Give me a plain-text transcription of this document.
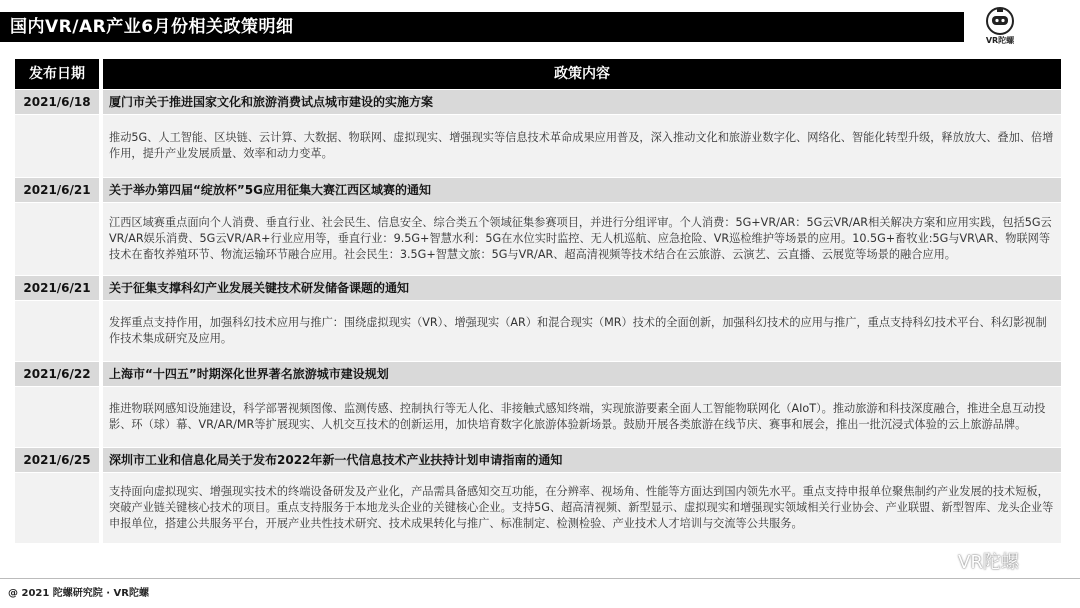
国内VR/AR产业6月份相关政策明细
VR陀螺
发布日期	政策内容
2021/6/18	厦门市关于推进国家文化和旅游消费试点城市建设的实施方案
推动5G、人工智能、区块链、云计算、大数据、物联网、虚拟现实、增强现实等信息技术革命成果应用普及，深入推动文化和旅游业数字化、网络化、智能化转型升级，释放放大、叠加、倍增作用，提升产业发展质量、效率和动力变革。
2021/6/21	关于举办第四届“绽放杯”5G应用征集大赛江西区域赛的通知
江西区域赛重点面向个人消费、垂直行业、社会民生、信息安全、综合类五个领域征集参赛项目，并进行分组评审。个人消费：5G+VR/AR：5G云VR/AR相关解决方案和应用实践，包括5G云VR/AR娱乐消费、5G云VR/AR+行业应用等，垂直行业：9.5G+智慧水利：5G在水位实时监控、无人机巡航、应急抢险、VR巡检维护等场景的应用。10.5G+畜牧业:5G与VR\AR、物联网等技术在畜牧养殖环节、物流运输环节融合应用。社会民生：3.5G+智慧文旅：5G与VR/AR、超高清视频等技术结合在云旅游、云演艺、云直播、云展览等场景的融合应用。
2021/6/21	关于征集支撑科幻产业发展关键技术研发储备课题的通知
发挥重点支持作用，加强科幻技术应用与推广：围绕虚拟现实（VR）、增强现实（AR）和混合现实（MR）技术的全面创新，加强科幻技术的应用与推广，重点支持科幻技术平台、科幻影视制作技术集成研究及应用。
2021/6/22	上海市“十四五”时期深化世界著名旅游城市建设规划
推进物联网感知设施建设，科学部署视频图像、监测传感、控制执行等无人化、非接触式感知终端，实现旅游要素全面人工智能物联网化（AIoT）。推动旅游和科技深度融合，推进全息互动投影、环（球）幕、VR/AR/MR等扩展现实、人机交互技术的创新运用，加快培育数字化旅游体验新场景。鼓励开展各类旅游在线节庆、赛事和展会，推出一批沉浸式体验的云上旅游品牌。
2021/6/25	深圳市工业和信息化局关于发布2022年新一代信息技术产业扶持计划申请指南的通知
支持面向虚拟现实、增强现实技术的终端设备研发及产业化，产品需具备感知交互功能，在分辨率、视场角、性能等方面达到国内领先水平。重点支持申报单位聚焦制约产业发展的技术短板，突破产业链关键核心技术的项目。重点支持服务于本地龙头企业的关键核心企业。支持5G、超高清视频、新型显示、虚拟现实和增强现实领域相关行业协会、产业联盟、新型智库、龙头企业等申报单位，搭建公共服务平台，开展产业共性技术研究、技术成果转化与推广、标准制定、检测检验、产业技术人才培训与交流等公共服务。
@ 2021 陀螺研究院 · VR陀螺
VR陀螺
